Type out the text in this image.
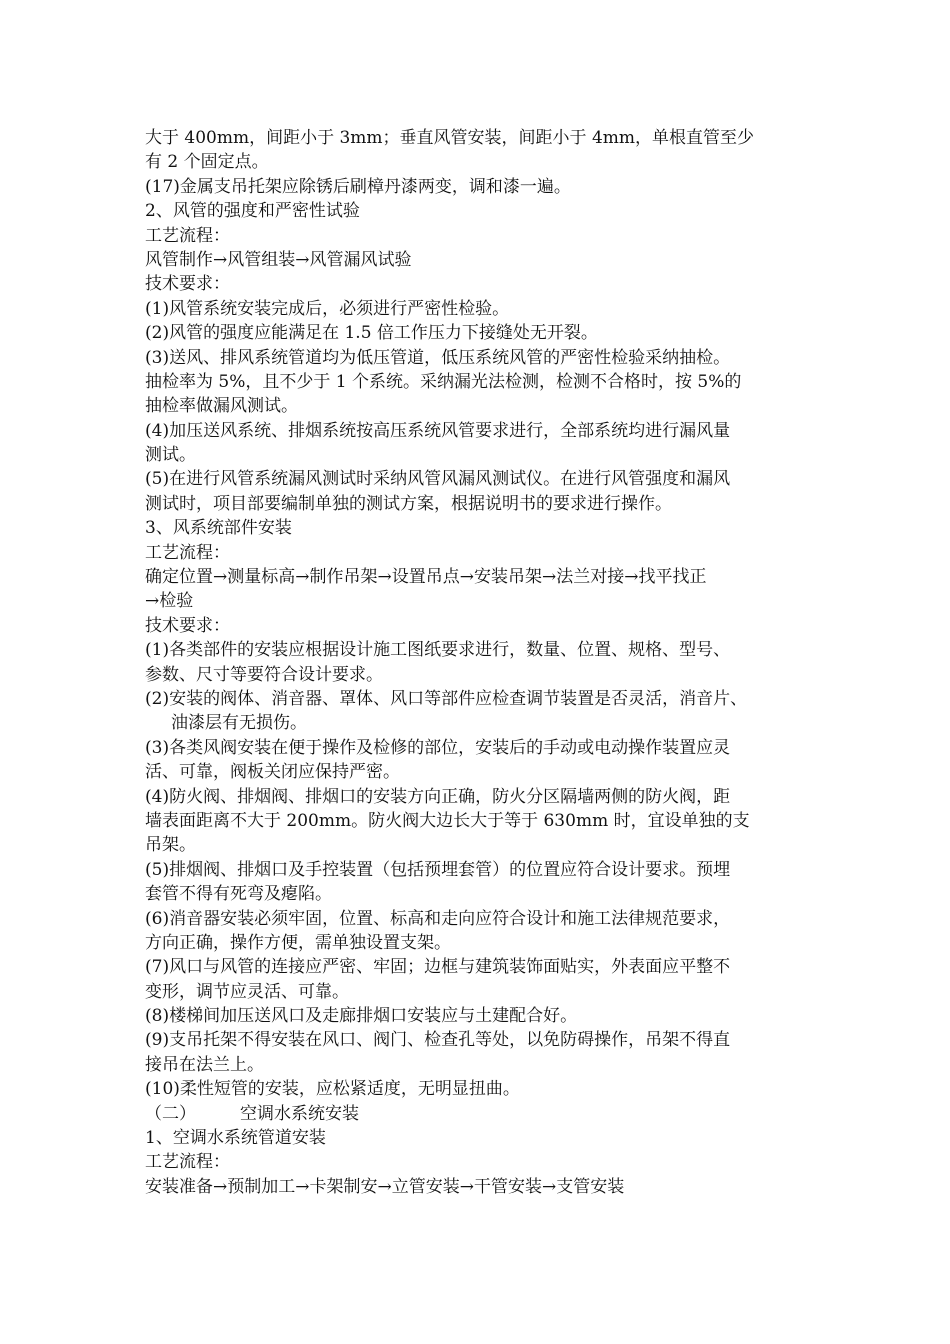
大于 400mm，间距小于 3mm；垂直风管安装，间距小于 4mm，单根直管至少
有 2 个固定点。
(17)金属支吊托架应除锈后刷樟丹漆两变，调和漆一遍。
2、风管的强度和严密性试验
工艺流程：
风管制作→风管组装→风管漏风试验
技术要求：
(1)风管系统安装完成后，必须进行严密性检验。
(2)风管的强度应能满足在 1.5 倍工作压力下接缝处无开裂。
(3)送风、排风系统管道均为低压管道，低压系统风管的严密性检验采纳抽检。
抽检率为 5%，且不少于 1 个系统。采纳漏光法检测，检测不合格时，按 5%的
抽检率做漏风测试。
(4)加压送风系统、排烟系统按高压系统风管要求进行，全部系统均进行漏风量
测试。
(5)在进行风管系统漏风测试时采纳风管风漏风测试仪。在进行风管强度和漏风
测试时，项目部要编制单独的测试方案，根据说明书的要求进行操作。
3、风系统部件安装
工艺流程：
确定位置→测量标高→制作吊架→设置吊点→安装吊架→法兰对接→找平找正
→检验
技术要求：
(1)各类部件的安装应根据设计施工图纸要求进行，数量、位置、规格、型号、
参数、尺寸等要符合设计要求。
(2)安装的阀体、消音器、罩体、风口等部件应检查调节装置是否灵活，消音片、
油漆层有无损伤。
(3)各类风阀安装在便于操作及检修的部位，安装后的手动或电动操作装置应灵
活、可靠，阀板关闭应保持严密。
(4)防火阀、排烟阀、排烟口的安装方向正确，防火分区隔墙两侧的防火阀，距
墙表面距离不大于 200mm。防火阀大边长大于等于 630mm 时，宜设单独的支
吊架。
(5)排烟阀、排烟口及手控装置（包括预埋套管）的位置应符合设计要求。预埋
套管不得有死弯及瘪陷。
(6)消音器安装必须牢固，位置、标高和走向应符合设计和施工法律规范要求，
方向正确，操作方便，需单独设置支架。
(7)风口与风管的连接应严密、牢固；边框与建筑装饰面贴实，外表面应平整不
变形，调节应灵活、可靠。
(8)楼梯间加压送风口及走廊排烟口安装应与土建配合好。
(9)支吊托架不得安装在风口、阀门、检查孔等处，以免防碍操作，吊架不得直
接吊在法兰上。
(10)柔性短管的安装，应松紧适度，无明显扭曲。
（二）	空调水系统安装
1、空调水系统管道安装
工艺流程：
安装准备→预制加工→卡架制安→立管安装→干管安装→支管安装
